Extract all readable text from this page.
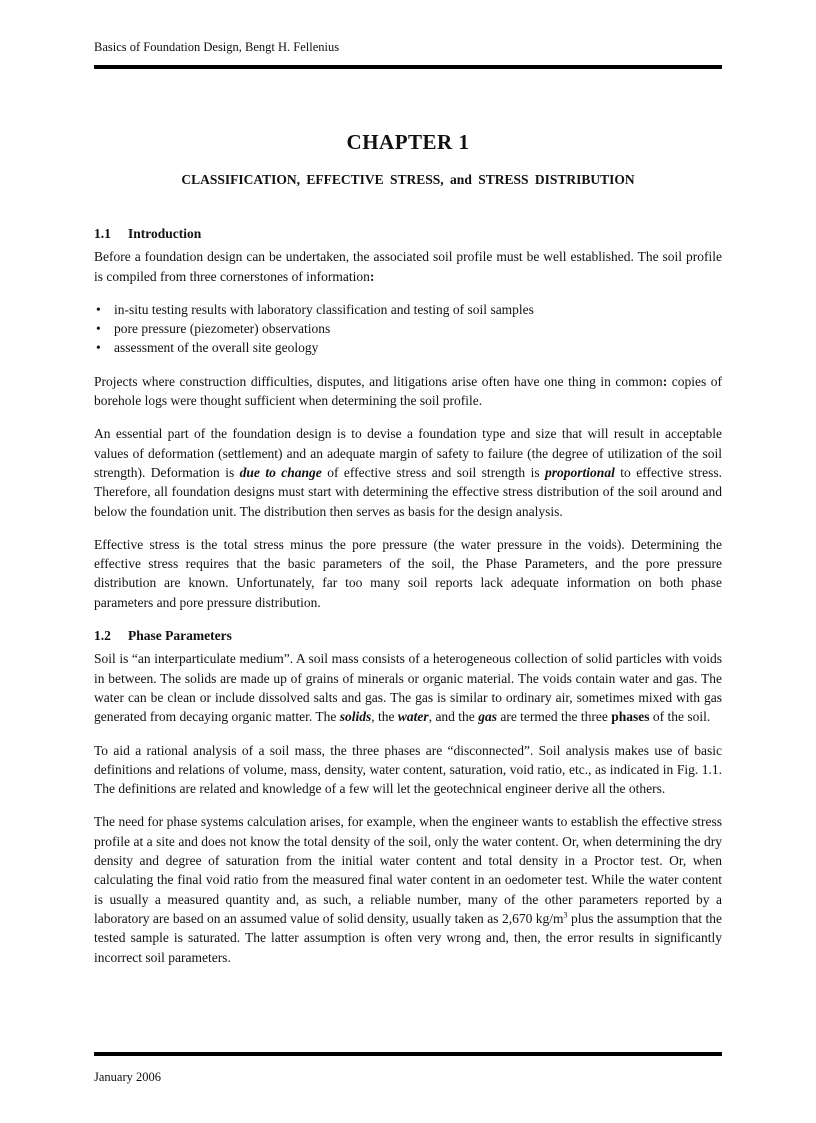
Basics of Foundation Design, Bengt H. Fellenius
CHAPTER 1
CLASSIFICATION, EFFECTIVE STRESS, and STRESS DISTRIBUTION
1.1 Introduction

Before a foundation design can be undertaken, the associated soil profile must be well established. The soil profile is compiled from three cornerstones of information:

• in-situ testing results with laboratory classification and testing of soil samples
• pore pressure (piezometer) observations
• assessment of the overall site geology

Projects where construction difficulties, disputes, and litigations arise often have one thing in common: copies of borehole logs were thought sufficient when determining the soil profile.

An essential part of the foundation design is to devise a foundation type and size that will result in acceptable values of deformation (settlement) and an adequate margin of safety to failure (the degree of utilization of the soil strength). Deformation is due to change of effective stress and soil strength is proportional to effective stress. Therefore, all foundation designs must start with determining the effective stress distribution of the soil around and below the foundation unit. The distribution then serves as basis for the design analysis.

Effective stress is the total stress minus the pore pressure (the water pressure in the voids). Determining the effective stress requires that the basic parameters of the soil, the Phase Parameters, and the pore pressure distribution are known. Unfortunately, far too many soil reports lack adequate information on both phase parameters and pore pressure distribution.

1.2 Phase Parameters

Soil is “an interparticulate medium”. A soil mass consists of a heterogeneous collection of solid particles with voids in between. The solids are made up of grains of minerals or organic material. The voids contain water and gas. The water can be clean or include dissolved salts and gas. The gas is similar to ordinary air, sometimes mixed with gas generated from decaying organic matter. The solids, the water, and the gas are termed the three phases of the soil.

To aid a rational analysis of a soil mass, the three phases are “disconnected”. Soil analysis makes use of basic definitions and relations of volume, mass, density, water content, saturation, void ratio, etc., as indicated in Fig. 1.1. The definitions are related and knowledge of a few will let the geotechnical engineer derive all the others.

The need for phase systems calculation arises, for example, when the engineer wants to establish the effective stress profile at a site and does not know the total density of the soil, only the water content. Or, when determining the dry density and degree of saturation from the initial water content and total density in a Proctor test. Or, when calculating the final void ratio from the measured final water content in an oedometer test. While the water content is usually a measured quantity and, as such, a reliable number, many of the other parameters reported by a laboratory are based on an assumed value of solid density, usually taken as 2,670 $kg/m^3$ plus the assumption that the tested sample is saturated. The latter assumption is often very wrong and, then, the error results in significantly incorrect soil parameters.

January 2006
